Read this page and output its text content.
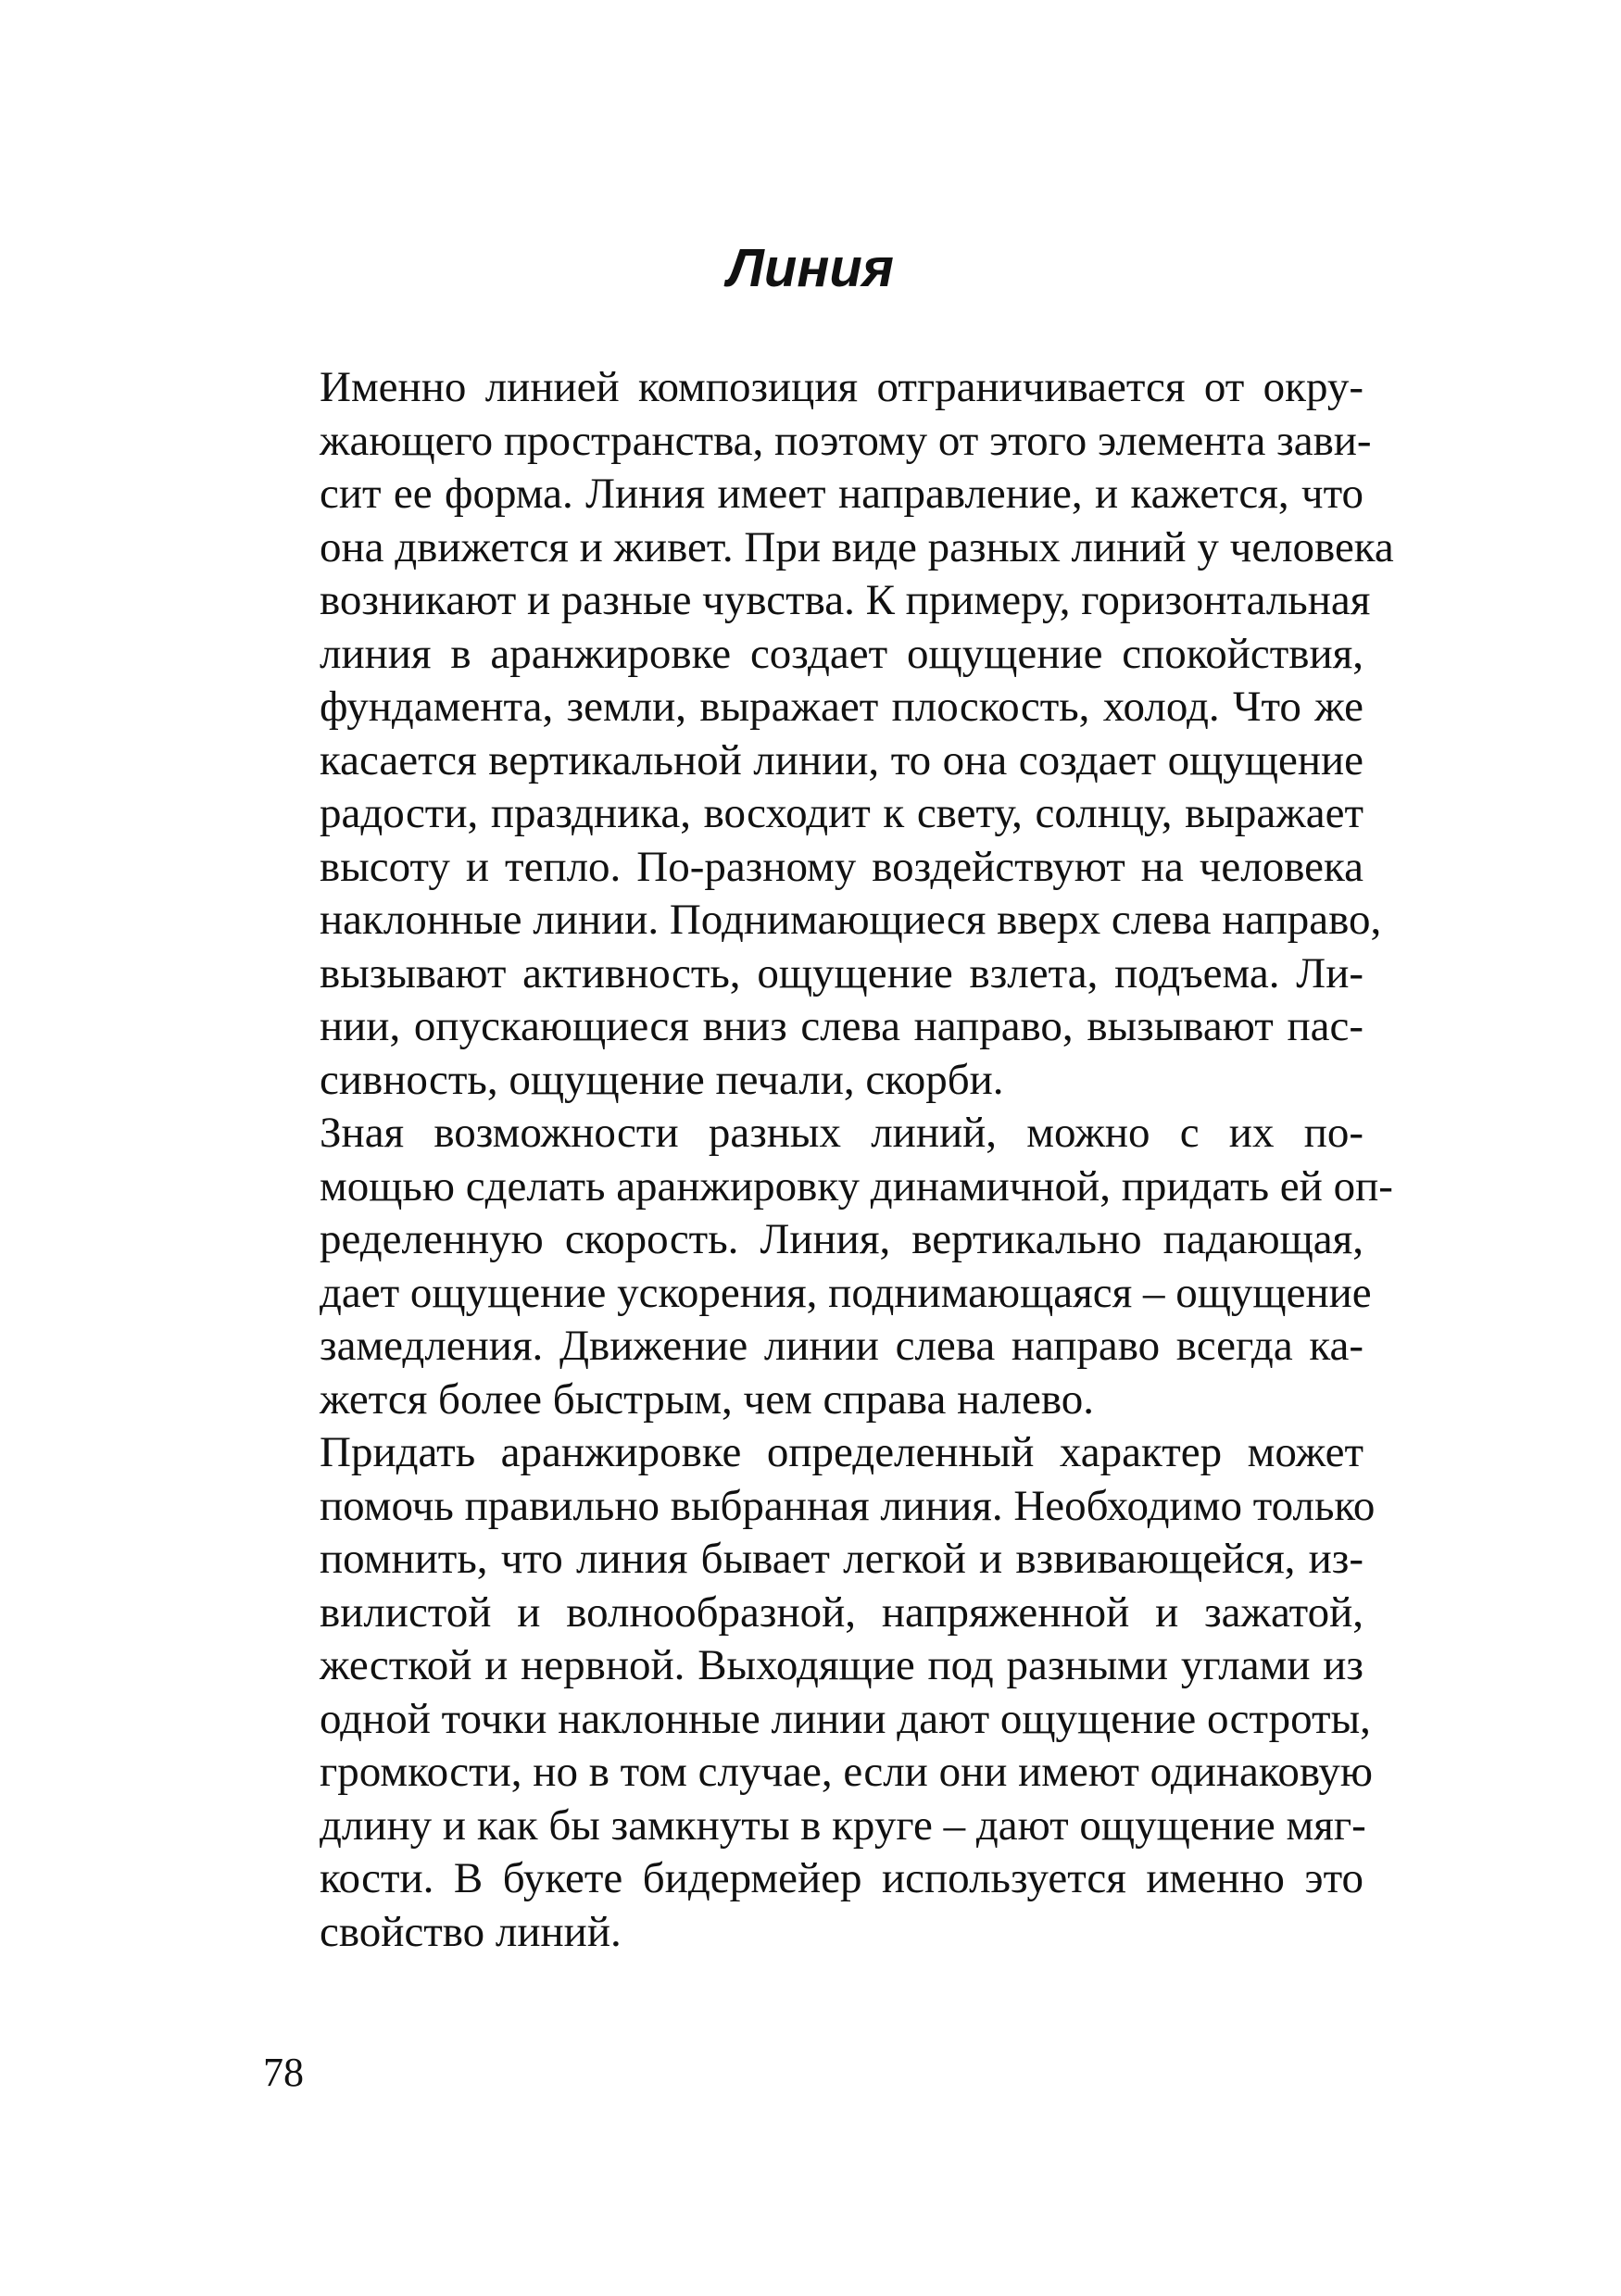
Линия

Именно линией композиция отграничивается от окру-
жающего пространства, поэтому от этого элемента зави-
сит ее форма. Линия имеет направление, и кажется, что
она движется и живет. При виде разных линий у человека
возникают и разные чувства. К примеру, горизонтальная
линия в аранжировке создает ощущение спокойствия,
фундамента, земли, выражает плоскость, холод. Что же
касается вертикальной линии, то она создает ощущение
радости, праздника, восходит к свету, солнцу, выражает
высоту и тепло. По-разному воздействуют на человека
наклонные линии. Поднимающиеся вверх слева направо,
вызывают активность, ощущение взлета, подъема. Ли-
нии, опускающиеся вниз слева направо, вызывают пас-
сивность, ощущение печали, скорби.

Зная возможности разных линий, можно с их по-
мощью сделать аранжировку динамичной, придать ей оп-
ределенную скорость. Линия, вертикально падающая,
дает ощущение ускорения, поднимающаяся – ощущение
замедления. Движение линии слева направо всегда ка-
жется более быстрым, чем справа налево.

Придать аранжировке определенный характер может
помочь правильно выбранная линия. Необходимо только
помнить, что линия бывает легкой и взвивающейся, из-
вилистой и волнообразной, напряженной и зажатой,
жесткой и нервной. Выходящие под разными углами из
одной точки наклонные линии дают ощущение остроты,
громкости, но в том случае, если они имеют одинаковую
длину и как бы замкнуты в круге – дают ощущение мяг-
кости. В букете бидермейер используется именно это
свойство линий.

78
